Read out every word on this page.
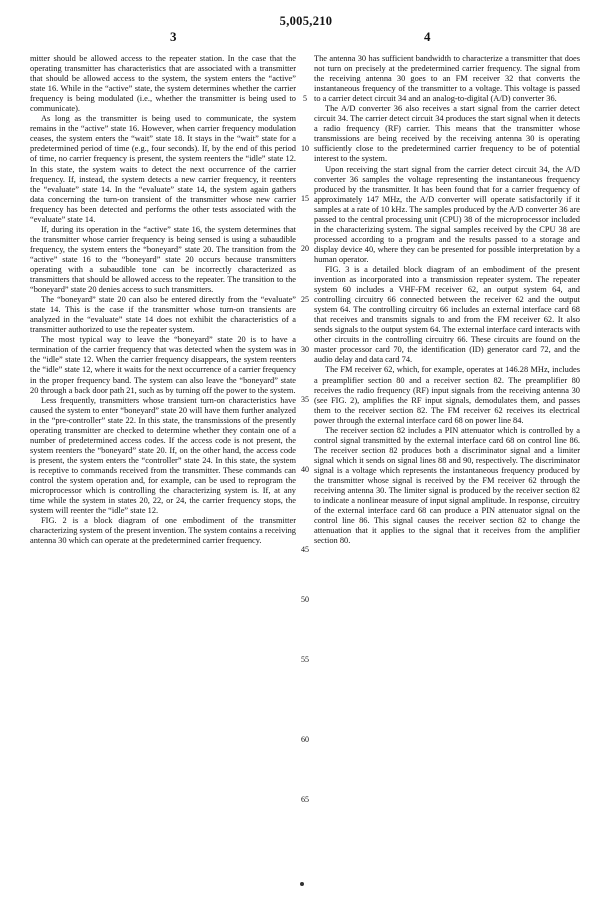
5,005,210
3	4

mitter should be allowed access to the repeater station. In the case that the operating transmitter has characteristics that are associated with a transmitter that should be allowed access to the system, the system enters the “active” state 16. While in the “active” state, the system determines whether the carrier frequency is being modulated (i.e., whether the transmitter is being used to communicate).

As long as the transmitter is being used to communicate, the system remains in the “active” state 16. However, when carrier frequency modulation ceases, the system enters the “wait” state 18. It stays in the “wait” state for a predetermined period of time (e.g., four seconds). If, by the end of this period of time, no carrier frequency is present, the system reenters the “idle” state 12. In this state, the system waits to detect the next occurrence of the carrier frequency. If, instead, the system detects a new carrier frequency, it reenters the “evaluate” state 14. In the “evaluate” state 14, the system again gathers data concerning the turn-on transient of the transmitter whose new carrier frequency has been detected and performs the other tests associated with the “evaluate” state 14.

If, during its operation in the “active” state 16, the system determines that the transmitter whose carrier frequency is being sensed is using a subaudible frequency, the system enters the “boneyard” state 20. The transition from the “active” state 16 to the “boneyard” state 20 occurs because transmitters operating with a subaudible tone can be incorrectly characterized as transmitters that should be allowed access to the repeater. The transition to the “boneyard” state 20 denies access to such transmitters.

The “boneyard” state 20 can also be entered directly from the “evaluate” state 14. This is the case if the transmitter whose turn-on transients are analyzed in the “evaluate” state 14 does not exhibit the characteristics of a transmitter authorized to use the repeater system.

The most typical way to leave the “boneyard” state 20 is to have a termination of the carrier frequency that was detected when the system was in the “idle” state 12. When the carrier frequency disappears, the system reenters the “idle” state 12, where it waits for the next occurrence of a carrier frequency in the proper frequency band. The system can also leave the “boneyard” state 20 through a back door path 21, such as by turning off the power to the system.

Less frequently, transmitters whose transient turn-on characteristics have caused the system to enter “boneyard” state 20 will have them further analyzed in the “pre-controller” state 22. In this state, the transmissions of the presently operating transmitter are checked to determine whether they contain one of a number of predetermined access codes. If the access code is not present, the system reenters the “boneyard” state 20. If, on the other hand, the access code is present, the system enters the “controller” state 24. In this state, the system is receptive to commands received from the transmitter. These commands can control the system operation and, for example, can be used to reprogram the microprocessor which is controlling the characterizing system is. If, at any time while the system in states 20, 22, or 24, the carrier frequency stops, the system will reenter the “idle” state 12.

FIG. 2 is a block diagram of one embodiment of the transmitter characterizing system of the present invention. The system contains a receiving antenna 30 which can operate at the predetermined carrier frequency.

5
10
15
20
25
30
35
40
45
50
55
60
65

The antenna 30 has sufficient bandwidth to characterize a transmitter that does not turn on precisely at the predetermined carrier frequency. The signal from the receiving antenna 30 goes to an FM receiver 32 that converts the instantaneous frequency of the transmitter to a voltage. This voltage is passed to a carrier detect circuit 34 and an analog-to-digital (A/D) converter 36.

The A/D converter 36 also receives a start signal from the carrier detect circuit 34. The carrier detect circuit 34 produces the start signal when it detects a radio frequency (RF) carrier. This means that the transmitter whose transmissions are being received by the receiving antenna 30 is operating sufficiently close to the predetermined carrier frequency to be of potential interest to the system.

Upon receiving the start signal from the carrier detect circuit 34, the A/D converter 36 samples the voltage representing the instantaneous frequency produced by the transmitter. It has been found that for a carrier frequency of approximately 147 MHz, the A/D converter will operate satisfactorily if it samples at a rate of 10 kHz. The samples produced by the A/D converter 36 are passed to the central processing unit (CPU) 38 of the microprocessor included in the characterizing system. The signal samples received by the CPU 38 are processed according to a program and the results passed to a storage and display device 40, where they can be presented for possible interpretation by a human operator.

FIG. 3 is a detailed block diagram of an embodiment of the present invention as incorporated into a transmission repeater system. The repeater system 60 includes a VHF-FM receiver 62, an output system 64, and controlling circuitry 66 connected between the receiver 62 and the output system 64. The controlling circuitry 66 includes an external interface card 68 that receives and transmits signals to and from the FM receiver 62. It also sends signals to the output system 64. The external interface card interacts with other circuits in the controlling circuitry 66. These circuits are found on the master processor card 70, the identification (ID) generator card 72, and the audio delay and data card 74.

The FM receiver 62, which, for example, operates at 146.28 MHz, includes a preamplifier section 80 and a receiver section 82. The preamplifier 80 receives the radio frequency (RF) input signals from the receiving antenna 30 (see FIG. 2), amplifies the RF input signals, demodulates them, and passes them to the receiver section 82. The FM receiver 62 receives its electrical power through the external interface card 68 on power line 84.

The receiver section 82 includes a PIN attenuator which is controlled by a control signal transmitted by the external interface card 68 on control line 86. The receiver section 82 produces both a discriminator signal and a limiter signal which it sends on signal lines 88 and 90, respectively. The discriminator signal is a voltage which represents the instantaneous frequency produced by the transmitter whose signal is received by the FM receiver 62 through the receiving antenna 30. The limiter signal is produced by the receiver section 82 to indicate a nonlinear measure of input signal amplitude. In response, circuitry of the external interface card 68 can produce a PIN attenuator signal on the control line 86. This signal causes the receiver section 82 to change the attenuation that it applies to the signal that it receives from the amplifier section 80.
